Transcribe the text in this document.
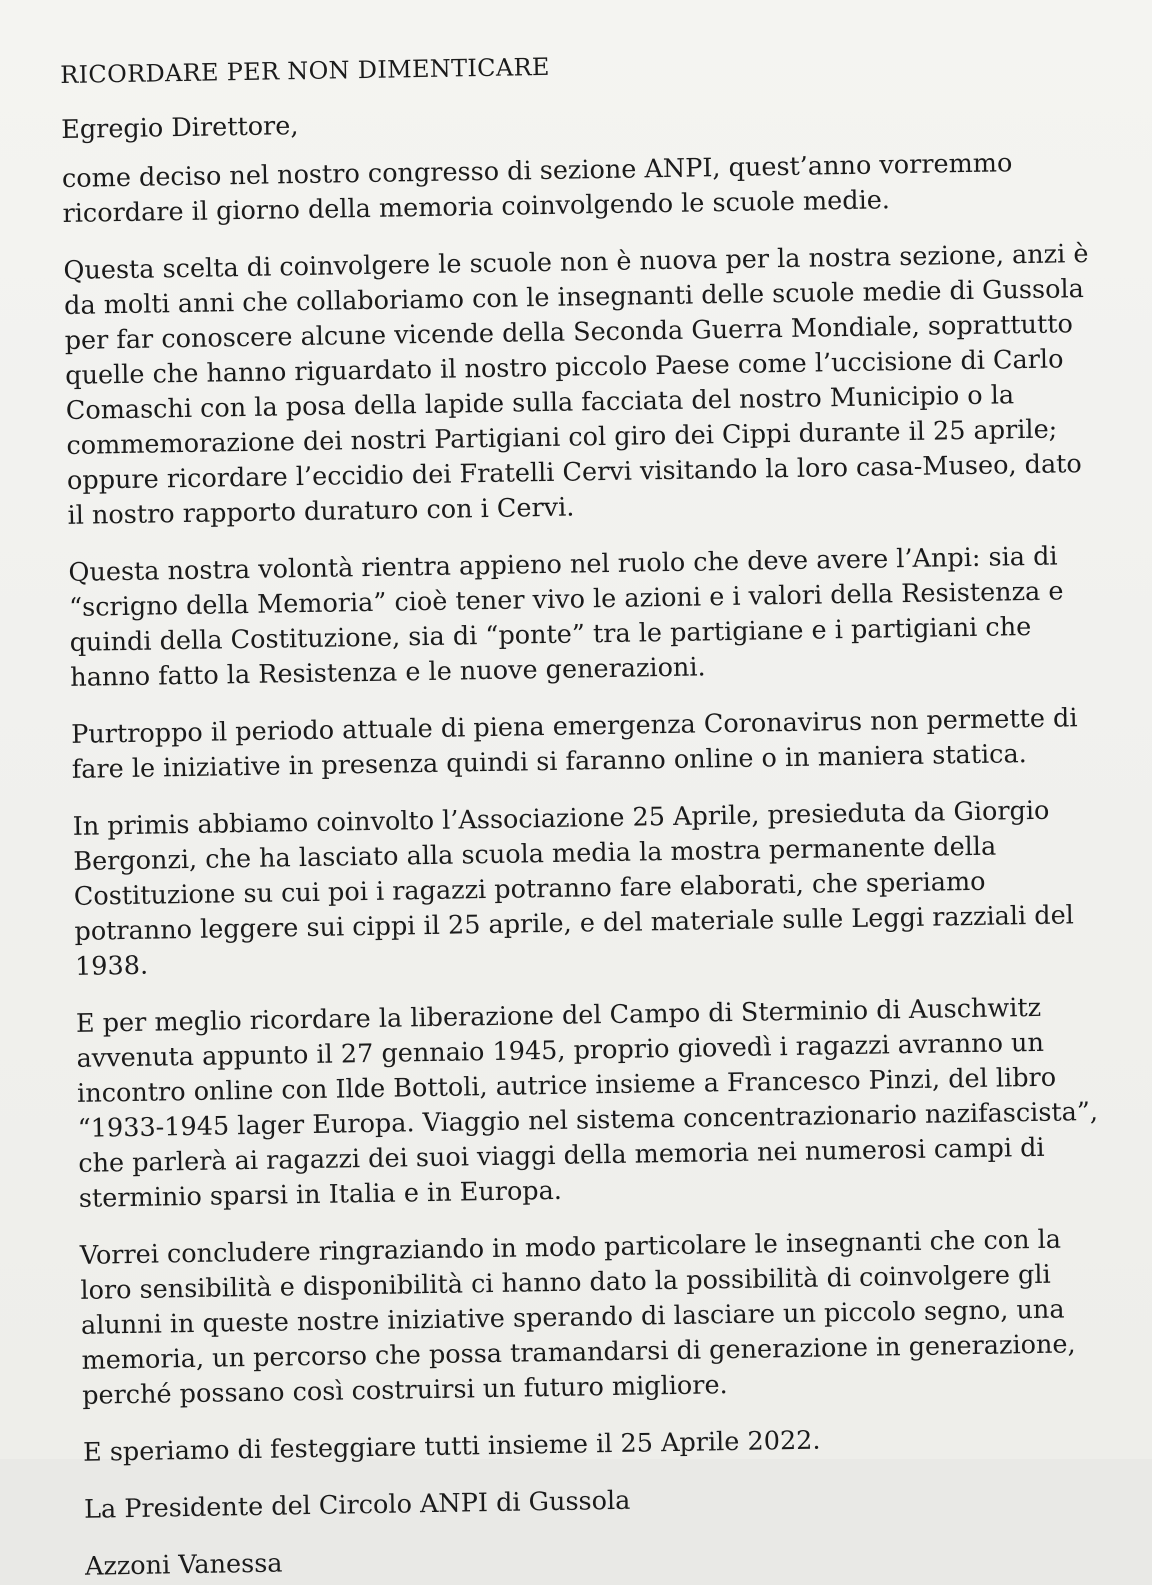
RICORDARE PER NON DIMENTICARE
Egregio Direttore,
come deciso nel nostro congresso di sezione ANPI, quest’anno vorremmo ricordare il giorno della memoria coinvolgendo le scuole medie.
Questa scelta di coinvolgere le scuole non è nuova per la nostra sezione, anzi è da molti anni che collaboriamo con le insegnanti delle scuole medie di Gussola per far conoscere alcune vicende della Seconda Guerra Mondiale, soprattutto quelle che hanno riguardato il nostro piccolo Paese come l’uccisione di Carlo Comaschi con la posa della lapide sulla facciata del nostro Municipio o la commemorazione dei nostri Partigiani col giro dei Cippi durante il 25 aprile; oppure ricordare l’eccidio dei Fratelli Cervi visitando la loro casa-Museo, dato il nostro rapporto duraturo con i Cervi.
Questa nostra volontà rientra appieno nel ruolo che deve avere l’Anpi: sia di “scrigno della Memoria” cioè tener vivo le azioni e i valori della Resistenza e quindi della Costituzione, sia di “ponte” tra le partigiane e i partigiani che hanno fatto la Resistenza e le nuove generazioni.
Purtroppo il periodo attuale di piena emergenza Coronavirus non permette di fare le iniziative in presenza quindi si faranno online o in maniera statica.
In primis abbiamo coinvolto l’Associazione 25 Aprile, presieduta da Giorgio Bergonzi, che ha lasciato alla scuola media la mostra permanente della Costituzione su cui poi i ragazzi potranno fare elaborati, che speriamo potranno leggere sui cippi il 25 aprile, e del materiale sulle Leggi razziali del 1938.
E per meglio ricordare la liberazione del Campo di Sterminio di Auschwitz avvenuta appunto il 27 gennaio 1945, proprio giovedì i ragazzi avranno un incontro online con Ilde Bottoli, autrice insieme a Francesco Pinzi, del libro “1933-1945 lager Europa. Viaggio nel sistema concentrazionario nazifascista”, che parlerà ai ragazzi dei suoi viaggi della memoria nei numerosi campi di sterminio sparsi in Italia e in Europa.
Vorrei concludere ringraziando in modo particolare le insegnanti che con la loro sensibilità e disponibilità ci hanno dato la possibilità di coinvolgere gli alunni in queste nostre iniziative sperando di lasciare un piccolo segno, una memoria, un percorso che possa tramandarsi di generazione in generazione, perché possano così costruirsi un futuro migliore.
E speriamo di festeggiare tutti insieme il 25 Aprile 2022.
La Presidente del Circolo ANPI di Gussola
Azzoni Vanessa
